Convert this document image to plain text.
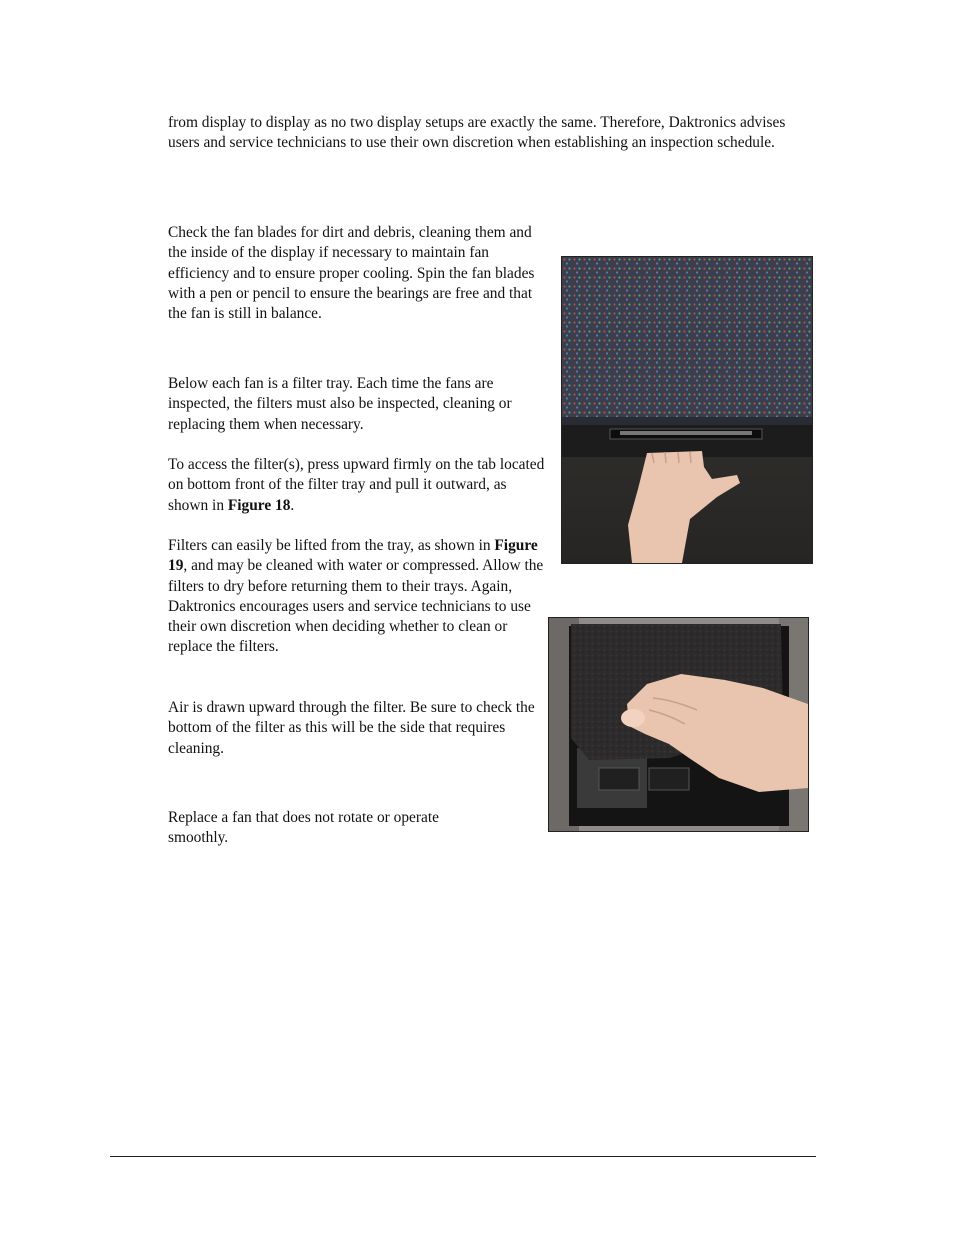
from display to display as no two display setups are exactly the same. Therefore, Daktronics advises users and service technicians to use their own discretion when establishing an inspection schedule.

Check the fan blades for dirt and debris, cleaning them and the inside of the display if necessary to maintain fan efficiency and to ensure proper cooling. Spin the fan blades with a pen or pencil to ensure the bearings are free and that the fan is still in balance.

Below each fan is a filter tray. Each time the fans are inspected, the filters must also be inspected, cleaning or replacing them when necessary.

To access the filter(s), press upward firmly on the tab located on bottom front of the filter tray and pull it outward, as shown in Figure 18.

Filters can easily be lifted from the tray, as shown in Figure 19, and may be cleaned with water or compressed. Allow the filters to dry before returning them to their trays. Again, Daktronics encourages users and service technicians to use their own discretion when deciding whether to clean or replace the filters.

Air is drawn upward through the filter. Be sure to check the bottom of the filter as this will be the side that requires cleaning.

Replace a fan that does not rotate or operate smoothly.
